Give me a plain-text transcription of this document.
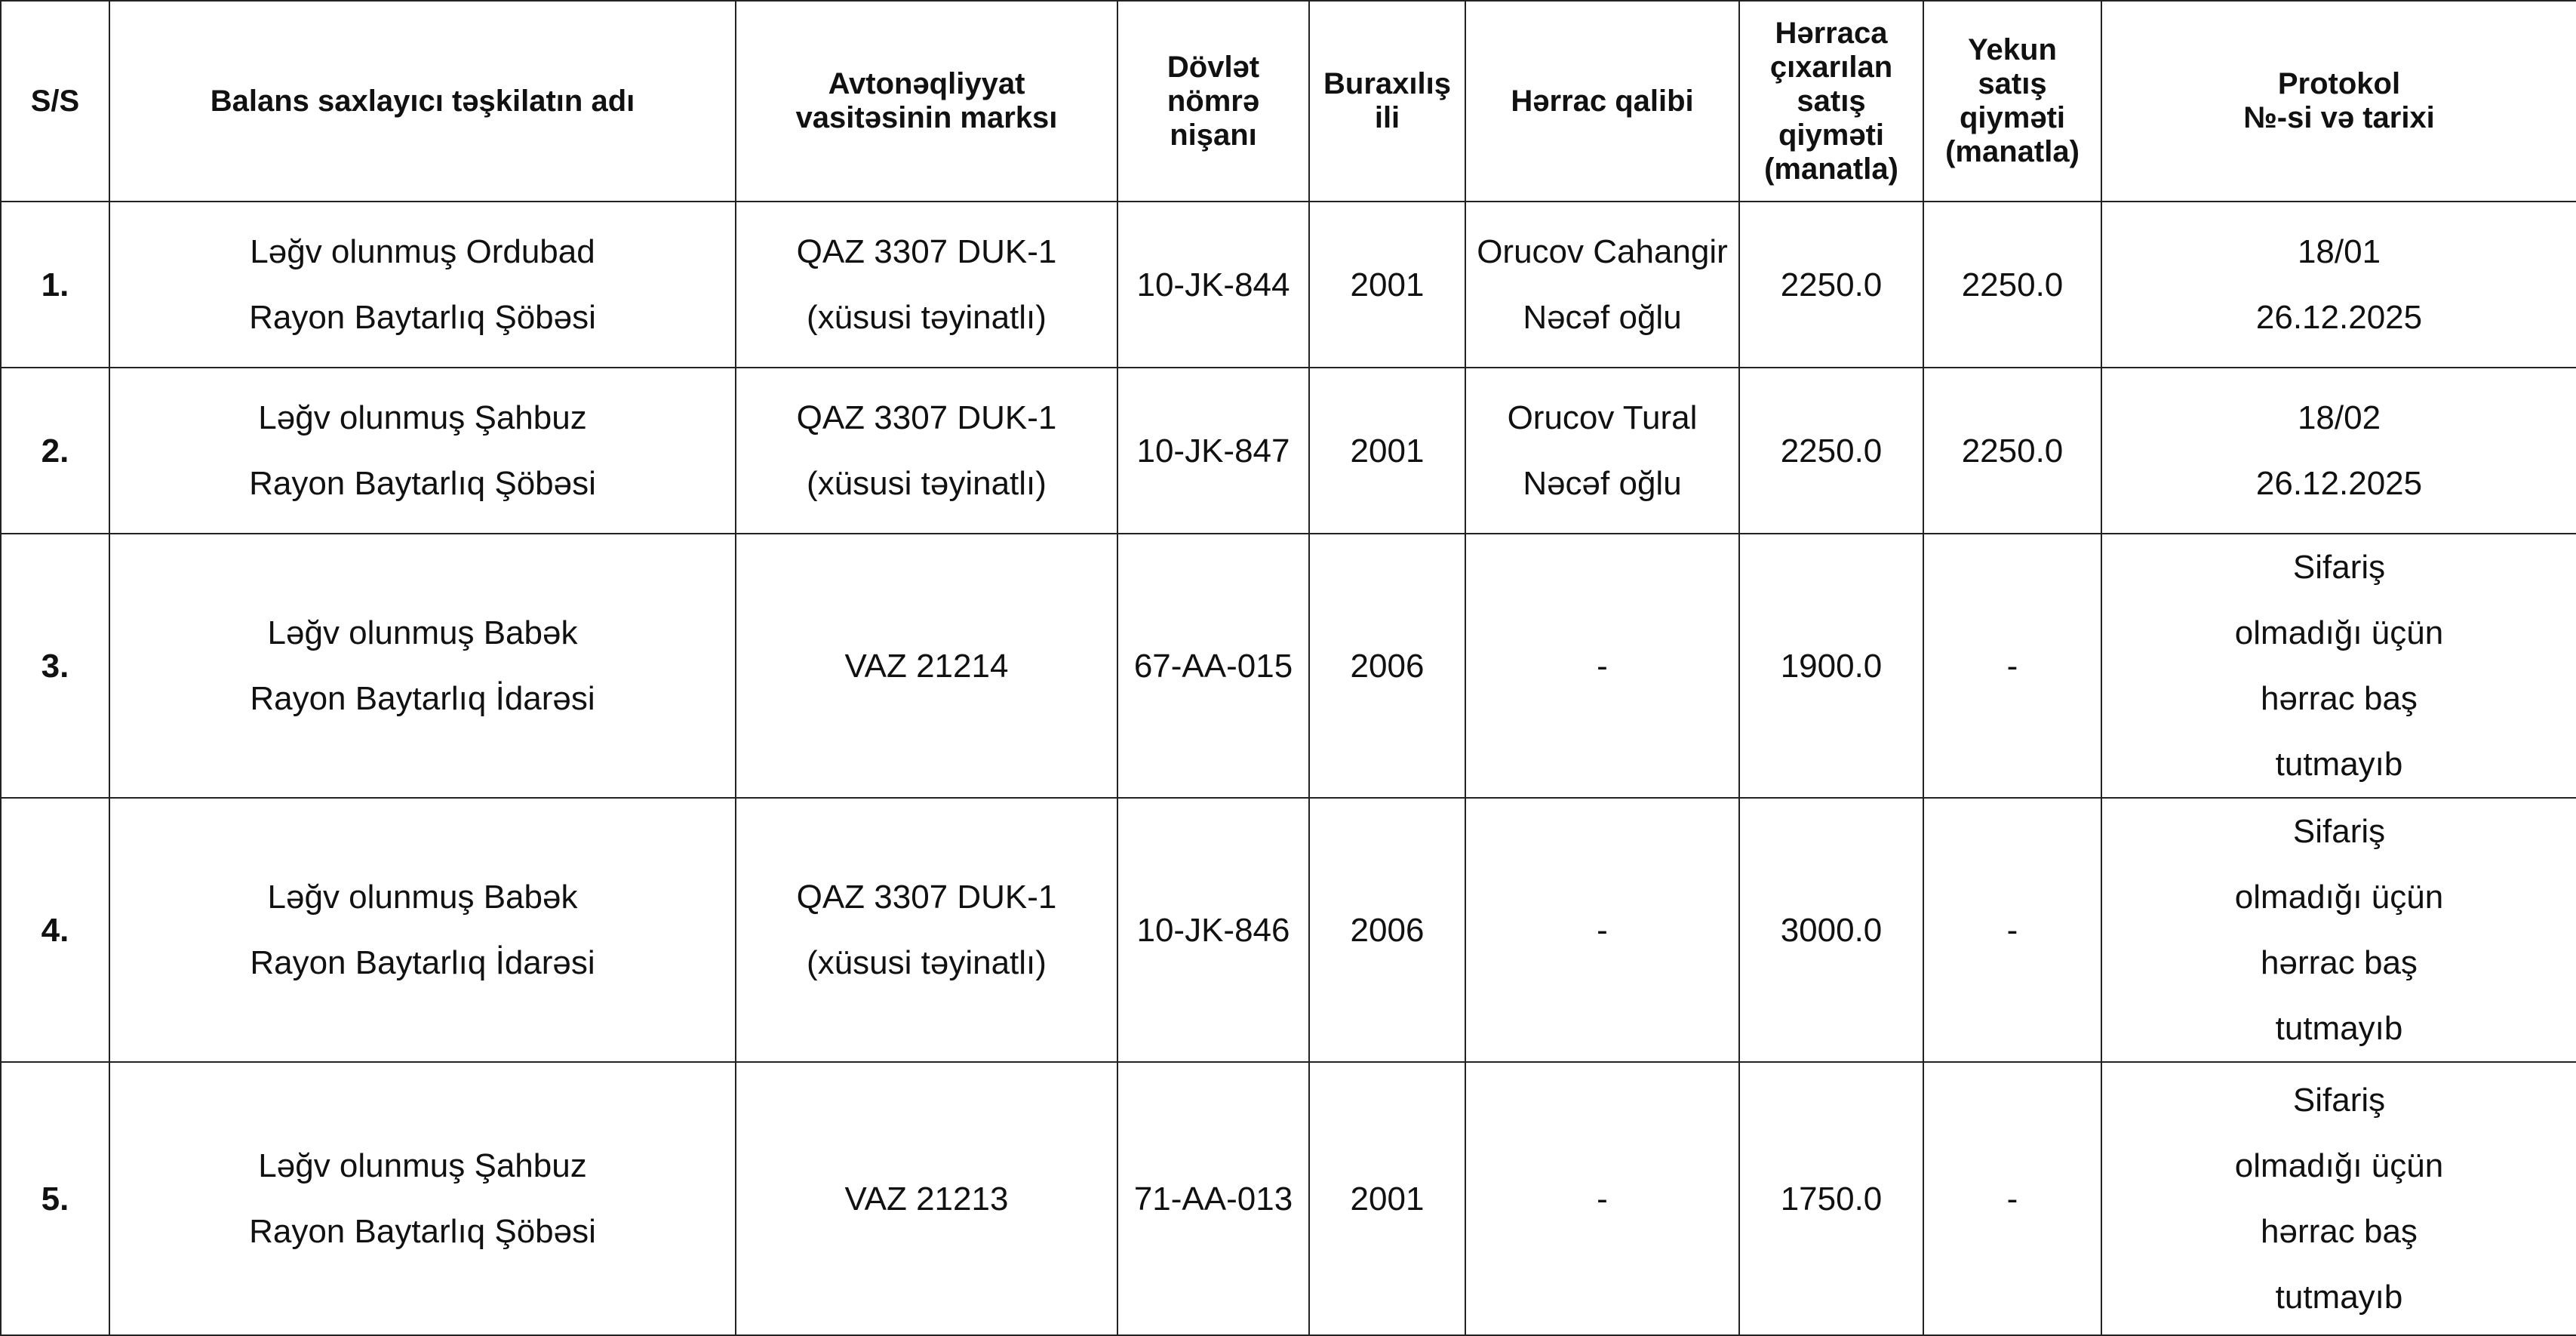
S/S	Balans saxlayıcı təşkilatın adı	Avtonəqliyyat
vasitəsinin marksı	Dövlət
nömrə
nişanı	Buraxılış
ili	Hərrac qalibi	Hərraca
çıxarılan
satış
qiyməti
(manatla)	Yekun
satış
qiyməti
(manatla)	Protokol
№-si və tarixi

1.	Ləğv olunmuş Ordubad
Rayon Baytarlıq Şöbəsi	QAZ 3307 DUK-1
(xüsusi təyinatlı)	10-JK-844	2001	Orucov Cahangir
Nəcəf oğlu	2250.0	2250.0	18/01
26.12.2025

2.	Ləğv olunmuş Şahbuz
Rayon Baytarlıq Şöbəsi	QAZ 3307 DUK-1
(xüsusi təyinatlı)	10-JK-847	2001	Orucov Tural
Nəcəf oğlu	2250.0	2250.0	18/02
26.12.2025

3.	Ləğv olunmuş Babək
Rayon Baytarlıq İdarəsi	VAZ 21214	67-AA-015	2006	-	1900.0	-	Sifariş
olmadığı üçün
hərrac baş
tutmayıb

4.	Ləğv olunmuş Babək
Rayon Baytarlıq İdarəsi	QAZ 3307 DUK-1
(xüsusi təyinatlı)	10-JK-846	2006	-	3000.0	-	Sifariş
olmadığı üçün
hərrac baş
tutmayıb

5.	Ləğv olunmuş Şahbuz
Rayon Baytarlıq Şöbəsi	VAZ 21213	71-AA-013	2001	-	1750.0	-	Sifariş
olmadığı üçün
hərrac baş
tutmayıb
